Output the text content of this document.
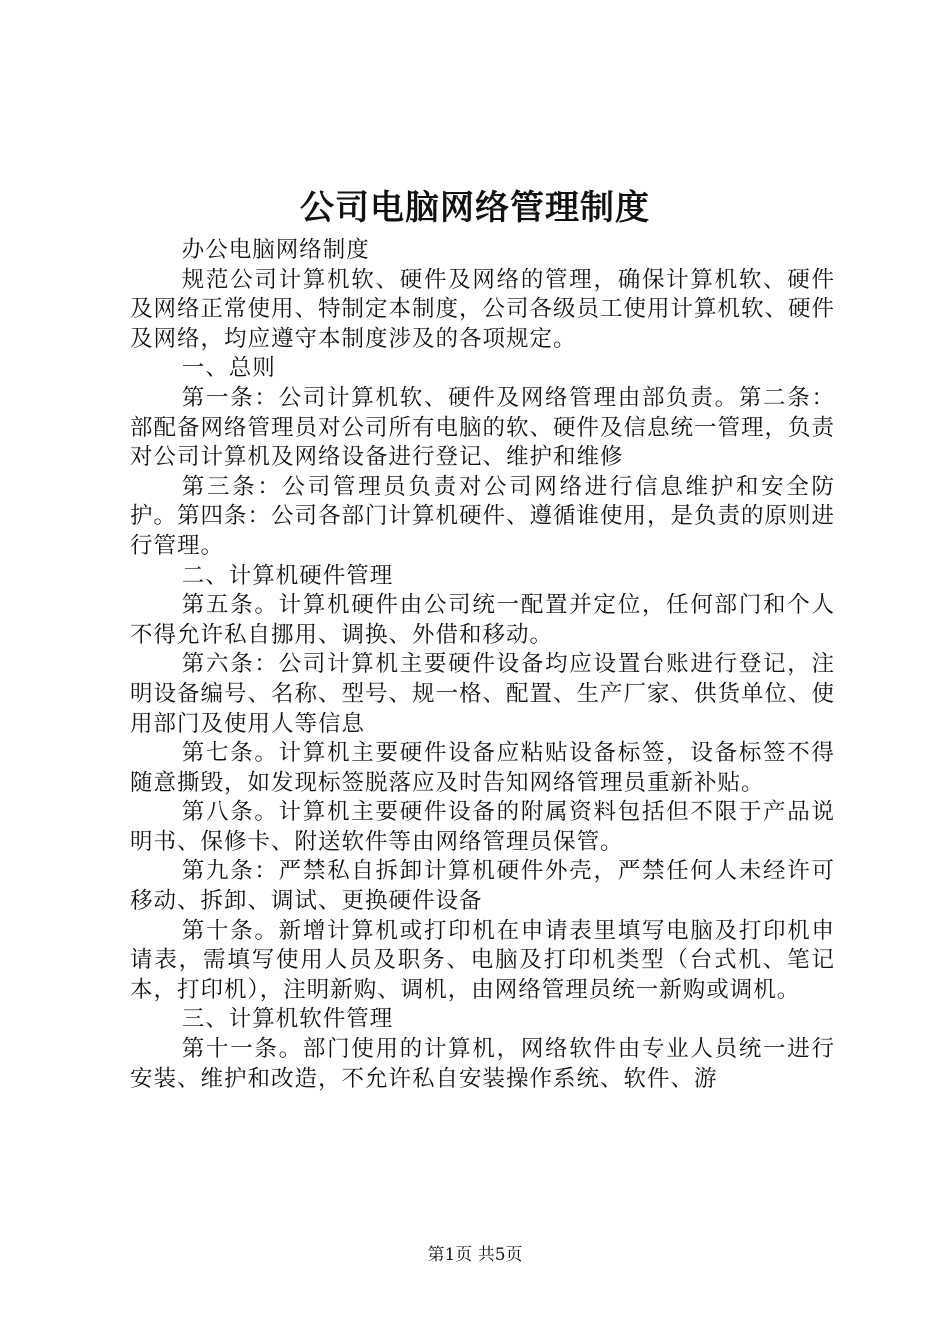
公司电脑网络管理制度

办公电脑网络制度

规范公司计算机软、硬件及网络的管理，确保计算机软、硬件及网络正常使用、特制定本制度，公司各级员工使用计算机软、硬件及网络，均应遵守本制度涉及的各项规定。

一、总则

第一条：公司计算机软、硬件及网络管理由部负责。第二条：部配备网络管理员对公司所有电脑的软、硬件及信息统一管理，负责对公司计算机及网络设备进行登记、维护和维修

第三条：公司管理员负责对公司网络进行信息维护和安全防护。第四条：公司各部门计算机硬件、遵循谁使用，是负责的原则进行管理。

二、计算机硬件管理

第五条。计算机硬件由公司统一配置并定位，任何部门和个人不得允许私自挪用、调换、外借和移动。

第六条：公司计算机主要硬件设备均应设置台账进行登记，注明设备编号、名称、型号、规一格、配置、生产厂家、供货单位、使用部门及使用人等信息

第七条。计算机主要硬件设备应粘贴设备标签，设备标签不得随意撕毁，如发现标签脱落应及时告知网络管理员重新补贴。

第八条。计算机主要硬件设备的附属资料包括但不限于产品说明书、保修卡、附送软件等由网络管理员保管。

第九条：严禁私自拆卸计算机硬件外壳，严禁任何人未经许可移动、拆卸、调试、更换硬件设备

第十条。新增计算机或打印机在申请表里填写电脑及打印机申请表，需填写使用人员及职务、电脑及打印机类型（台式机、笔记本，打印机），注明新购、调机，由网络管理员统一新购或调机。

三、计算机软件管理

第十一条。部门使用的计算机，网络软件由专业人员统一进行安装、维护和改造，不允许私自安装操作系统、软件、游

第1页 共5页
